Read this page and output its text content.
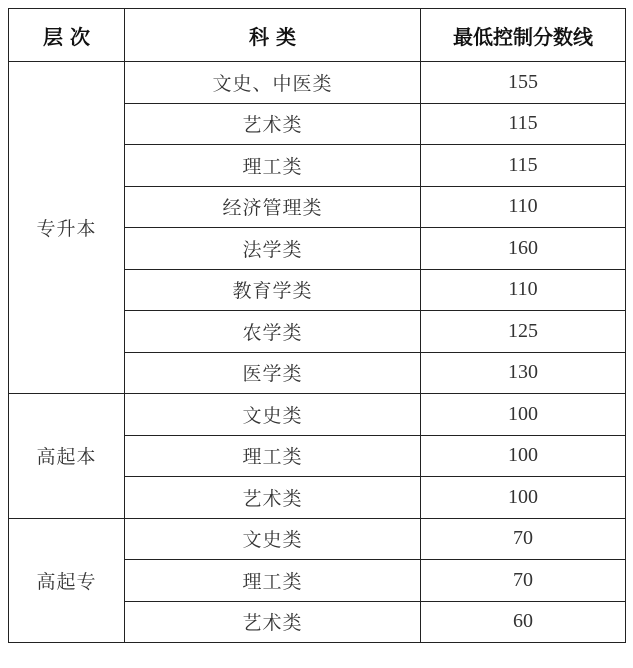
层 次	科 类	最低控制分数线
专升本	文史、中医类	155
	艺术类	115
	理工类	115
	经济管理类	110
	法学类	160
	教育学类	110
	农学类	125
	医学类	130
高起本	文史类	100
	理工类	100
	艺术类	100
高起专	文史类	70
	理工类	70
	艺术类	60
